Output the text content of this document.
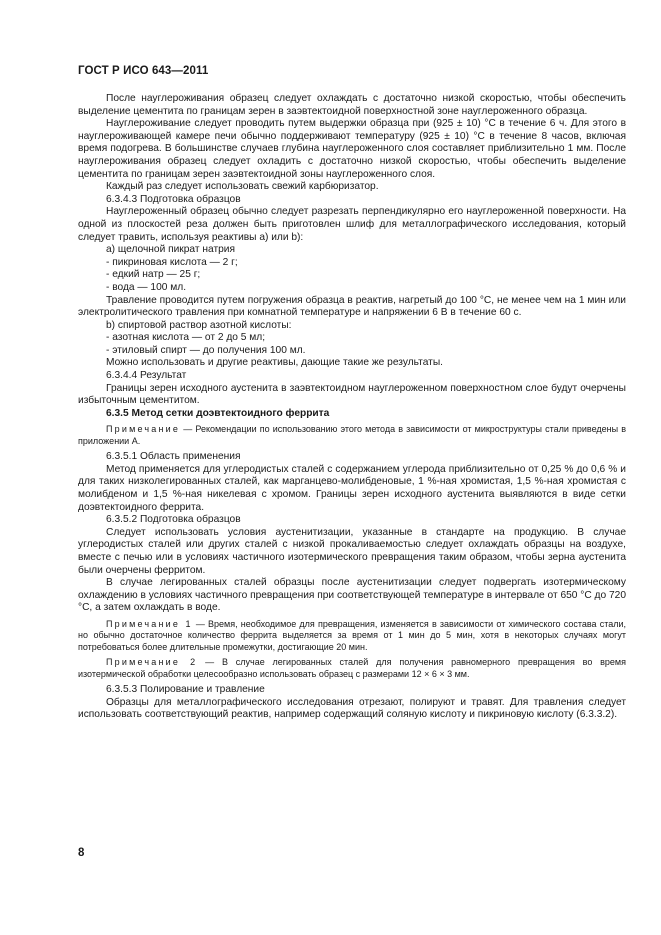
ГОСТ Р ИСО 643—2011

После науглероживания образец следует охлаждать с достаточно низкой скоростью, чтобы обеспечить выделение цементита по границам зерен в заэвтектоидной поверхностной зоне науглероженного образца.

Науглероживание следует проводить путем выдержки образца при (925 ± 10) °С в течение 6 ч. Для этого в науглероживающей камере печи обычно поддерживают температуру (925 ± 10) °С в течение 8 часов, включая время подогрева. В большинстве случаев глубина науглероженного слоя составляет приблизительно 1 мм. После науглероживания образец следует охладить с достаточно низкой скоростью, чтобы обеспечить выделение цементита по границам зерен заэвтектоидной зоны науглероженного слоя.

Каждый раз следует использовать свежий карбюризатор.

6.3.4.3 Подготовка образцов

Науглероженный образец обычно следует разрезать перпендикулярно его науглероженной поверхности. На одной из плоскостей реза должен быть приготовлен шлиф для металлографического исследования, который следует травить, используя реактивы a) или b):

а) щелочной пикрат натрия

- пикриновая кислота — 2 г;

- едкий натр — 25 г;

- вода — 100 мл.

Травление проводится путем погружения образца в реактив, нагретый до 100 °С, не менее чем на 1 мин или электролитического травления при комнатной температуре и напряжении 6 В в течение 60 с.

b) спиртовой раствор азотной кислоты:

- азотная кислота — от 2 до 5 мл;

- этиловый спирт — до получения 100 мл.

Можно использовать и другие реактивы, дающие такие же результаты.

6.3.4.4 Результат

Границы зерен исходного аустенита в заэвтектоидном науглероженном поверхностном слое будут очерчены избыточным цементитом.

6.3.5 Метод сетки доэвтектоидного феррита

Примечание — Рекомендации по использованию этого метода в зависимости от микроструктуры стали приведены в приложении А.

6.3.5.1 Область применения

Метод применяется для углеродистых сталей с содержанием углерода приблизительно от 0,25 % до 0,6 % и для таких низколегированных сталей, как марганцево-молибденовые, 1 %-ная хромистая, 1,5 %-ная хромистая с молибденом и 1,5 %-ная никелевая с хромом. Границы зерен исходного аустенита выявляются в виде сетки доэвтектоидного феррита.

6.3.5.2 Подготовка образцов

Следует использовать условия аустенитизации, указанные в стандарте на продукцию. В случае углеродистых сталей или других сталей с низкой прокаливаемостью следует охлаждать образцы на воздухе, вместе с печью или в условиях частичного изотермического превращения таким образом, чтобы зерна аустенита были очерчены ферритом.

В случае легированных сталей образцы после аустенитизации следует подвергать изотермическому охлаждению в условиях частичного превращения при соответствующей температуре в интервале от 650 °С до 720 °С, а затем охлаждать в воде.

Примечание 1 — Время, необходимое для превращения, изменяется в зависимости от химического состава стали, но обычно достаточное количество феррита выделяется за время от 1 мин до 5 мин, хотя в некоторых случаях могут потребоваться более длительные промежутки, достигающие 20 мин.

Примечание 2 — В случае легированных сталей для получения равномерного превращения во время изотермической обработки целесообразно использовать образец с размерами 12 × 6 × 3 мм.

6.3.5.3 Полирование и травление

Образцы для металлографического исследования отрезают, полируют и травят. Для травления следует использовать соответствующий реактив, например содержащий соляную кислоту и пикриновую кислоту (6.3.3.2).

8
